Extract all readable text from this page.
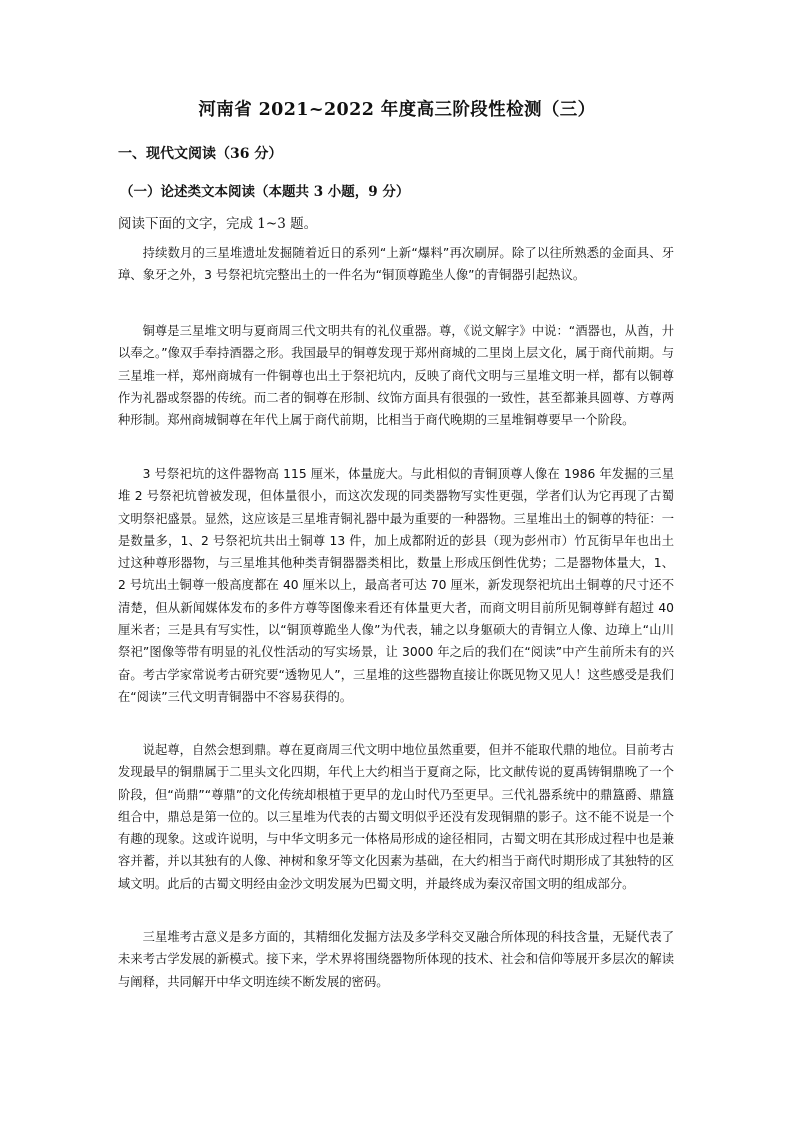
河南省 2021~2022 年度高三阶段性检测（三）
一、现代文阅读（36 分）
（一）论述类文本阅读（本题共 3 小题，9 分）

阅读下面的文字，完成 1~3 题。

持续数月的三星堆遗址发掘随着近日的系列“上新“爆料”再次刷屏。除了以往所熟悉的金面具、牙璋、象牙之外，3 号祭祀坑完整出土的一件名为“铜顶尊跪坐人像”的青铜器引起热议。

铜尊是三星堆文明与夏商周三代文明共有的礼仪重器。尊，《说文解字》中说：“酒器也，从酋，廾以奉之。”像双手奉持酒器之形。我国最早的铜尊发现于郑州商城的二里岗上层文化，属于商代前期。与三星堆一样，郑州商城有一件铜尊也出土于祭祀坑内，反映了商代文明与三星堆文明一样，都有以铜尊作为礼器或祭器的传统。而二者的铜尊在形制、纹饰方面具有很强的一致性，甚至都兼具圆尊、方尊两种形制。郑州商城铜尊在年代上属于商代前期，比相当于商代晚期的三星堆铜尊要早一个阶段。

3 号祭祀坑的这件器物高 115 厘米，体量庞大。与此相似的青铜顶尊人像在 1986 年发掘的三星堆 2 号祭祀坑曾被发现，但体量很小，而这次发现的同类器物写实性更强，学者们认为它再现了古蜀文明祭祀盛景。显然，这应该是三星堆青铜礼器中最为重要的一种器物。三星堆出土的铜尊的特征：一是数量多，1、2 号祭祀坑共出土铜尊 13 件，加上成都附近的彭县（现为彭州市）竹瓦街早年也出土过这种尊形器物，与三星堆其他种类青铜器器类相比，数量上形成压倒性优势；二是器物体量大，1、2 号坑出土铜尊一般高度都在 40 厘米以上，最高者可达 70 厘米，新发现祭祀坑出土铜尊的尺寸还不清楚，但从新闻媒体发布的多件方尊等图像来看还有体量更大者，而商文明目前所见铜尊鲜有超过 40 厘米者；三是具有写实性，以“铜顶尊跪坐人像”为代表，辅之以身躯硕大的青铜立人像、边璋上“山川祭祀”图像等带有明显的礼仪性活动的写实场景，让 3000 年之后的我们在“阅读”中产生前所未有的兴奋。考古学家常说考古研究要“透物见人”，三星堆的这些器物直接让你既见物又见人！这些感受是我们在“阅读”三代文明青铜器中不容易获得的。

说起尊，自然会想到鼎。尊在夏商周三代文明中地位虽然重要，但并不能取代鼎的地位。目前考古发现最早的铜鼎属于二里头文化四期，年代上大约相当于夏商之际，比文献传说的夏禹铸铜鼎晚了一个阶段，但“尚鼎”“尊鼎”的文化传统却根植于更早的龙山时代乃至更早。三代礼器系统中的鼎簋爵、鼎簋组合中，鼎总是第一位的。以三星堆为代表的古蜀文明似乎还没有发现铜鼎的影子。这不能不说是一个有趣的现象。这或许说明，与中华文明多元一体格局形成的途径相同，古蜀文明在其形成过程中也是兼容并蓄，并以其独有的人像、神树和象牙等文化因素为基础，在大约相当于商代时期形成了其独特的区域文明。此后的古蜀文明经由金沙文明发展为巴蜀文明，并最终成为秦汉帝国文明的组成部分。

三星堆考古意义是多方面的，其精细化发掘方法及多学科交叉融合所体现的科技含量，无疑代表了未来考古学发展的新模式。接下来，学术界将围绕器物所体现的技术、社会和信仰等展开多层次的解读与阐释，共同解开中华文明连续不断发展的密码。
